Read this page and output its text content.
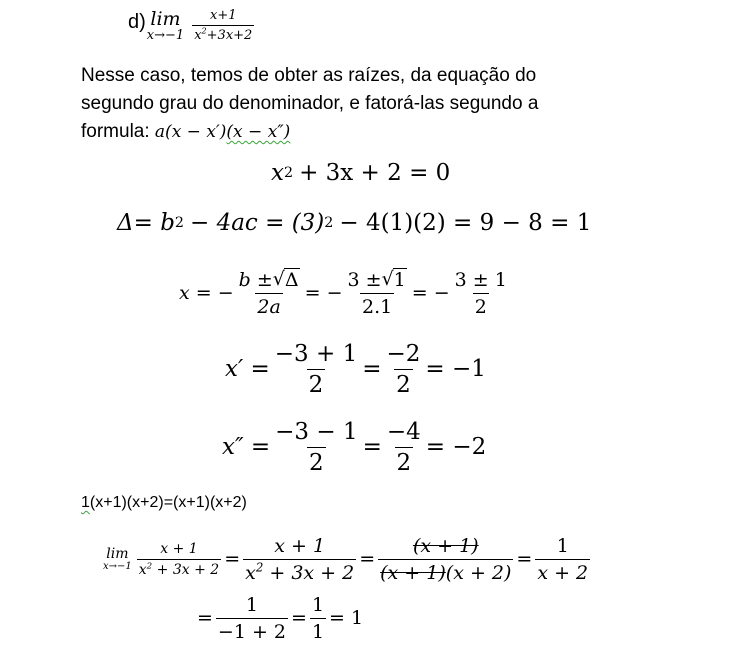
d) lim
$x\to-1 \frac{x+1}{x^2+3x+2}$
Nesse caso, temos de obter as raízes, da equação do
segundo grau do denominador, e fatorá-las segundo a
formula: a(x − x′)(x − x″)
x 2 + 3x + 2 = 0
Δ= b 2 − 4ac = (3) 2 − 4(1)(2) = 9 − 8 = 1
x = − $\frac{b \pm √ \Delta}{2a}$ = − $\frac{3 \pm √ 1}{2.1}$ = − $\frac{3 \pm 1}{2}$
$x' = \frac{-3 + 1}{2} = \frac{-2}{2} = -1$
$x'' = \frac{-3 - 1}{2} = \frac{-4}{2} = -2$
1(x+1)(x+2)=(x+1)(x+2)
lim
$x\to-1 \frac{x + 1}{x^2 + 3x + 2} = \frac{x + 1}{x^2 + 3x + 2} = \frac{(x + 1)}{(x + 1)(x + 2)} = \frac{1}{x + 2}$
= $\frac{1}{-1 + 2} = \frac{1}{1} = 1$
